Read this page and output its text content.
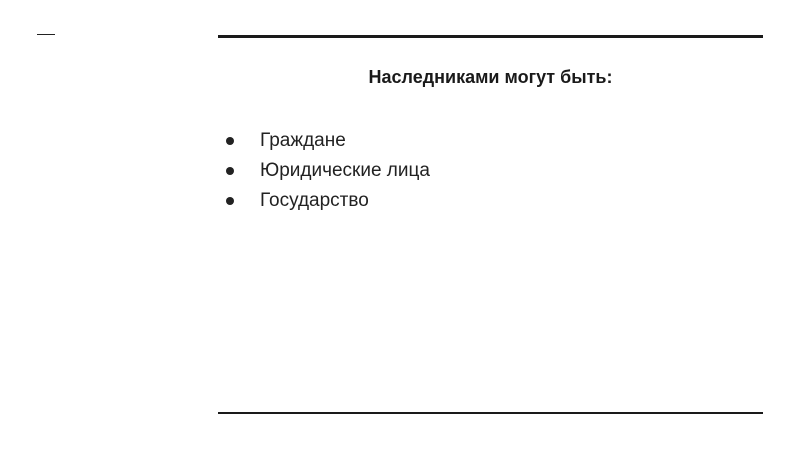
Наследниками могут быть:
Граждане
Юридические лица
Государство
